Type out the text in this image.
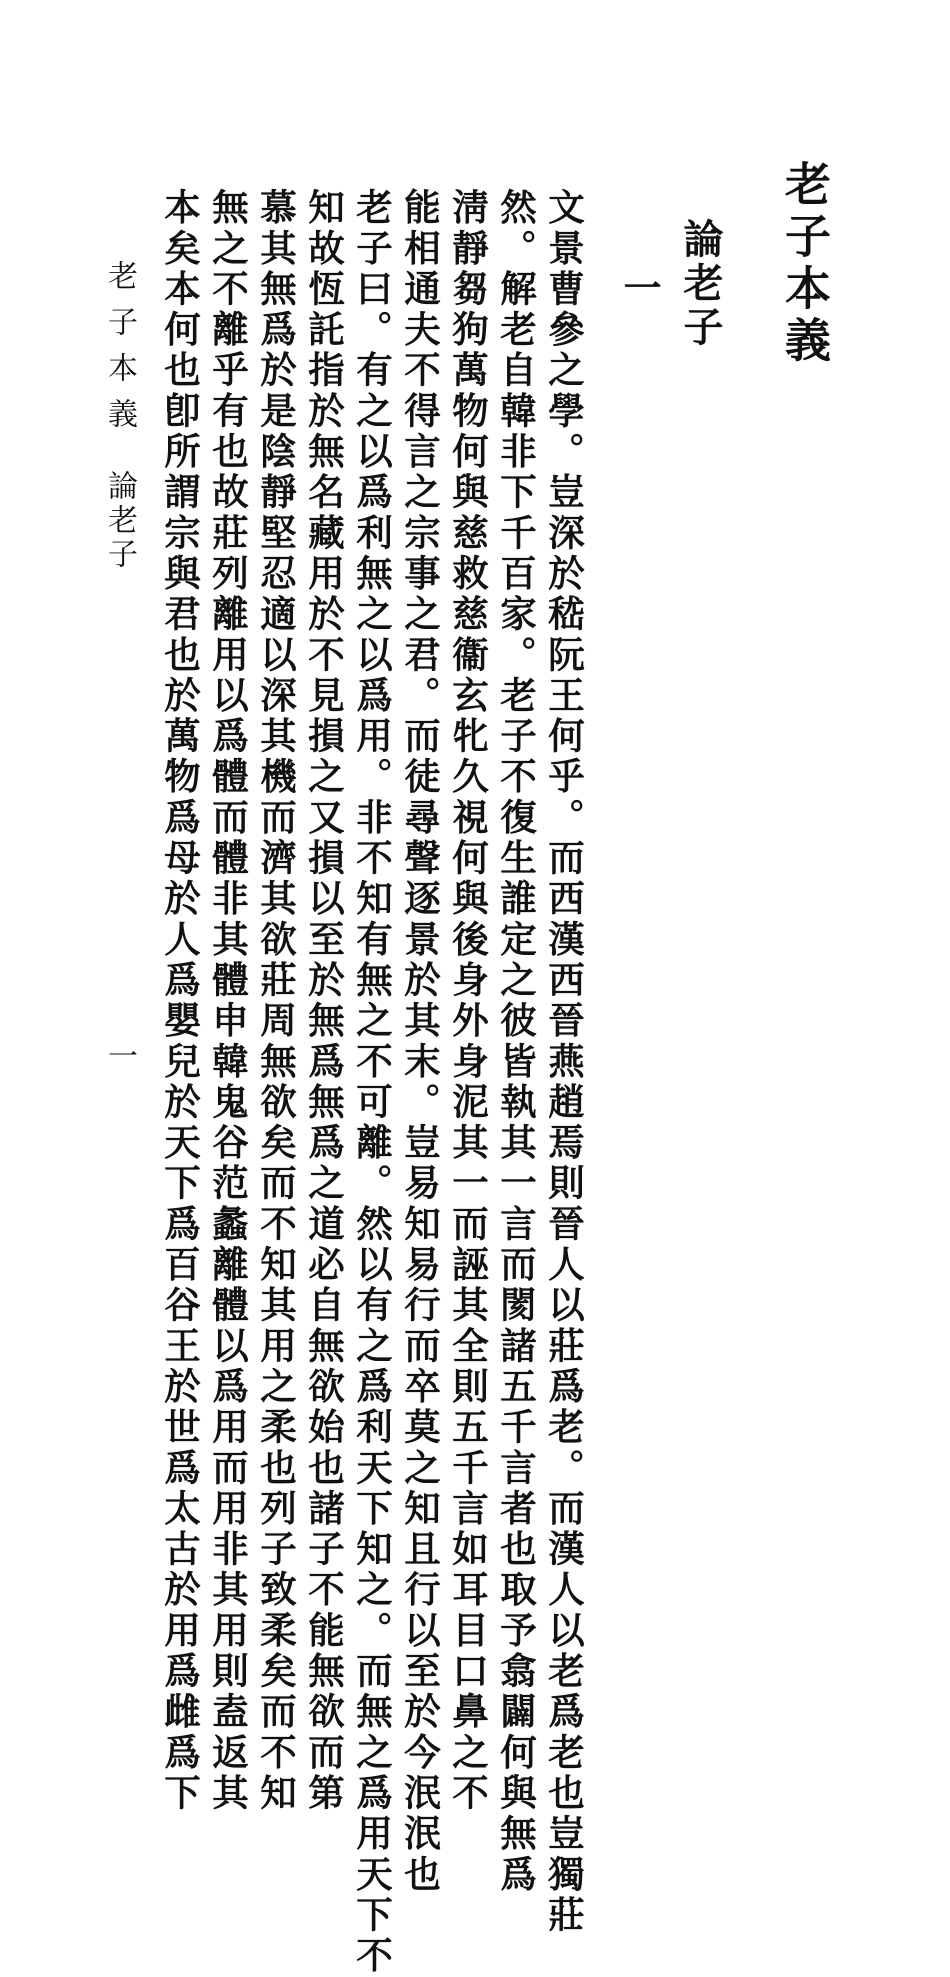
老子本義
論老子
一
文景曹參之學。豈深於嵇阮王何乎。而西漢西晉燕趙焉則晉人以莊爲老。而漢人以老爲老也豈獨莊
然。解老自韓非下千百家。老子不復生誰定之彼皆執其一言而閡諸五千言者也取予翕闢何與無爲
淸靜芻狗萬物何與慈救慈衞玄牝久視何與後身外身泥其一而誣其全則五千言如耳目口鼻之不
能相通夫不得言之宗事之君。而徒尋聲逐景於其末。豈易知易行而卒莫之知且行以至於今泯泯也
老子曰。有之以爲利無之以爲用。非不知有無之不可離。然以有之爲利天下知之。而無之爲用天下不
知故恆託指於無名藏用於不見損之又損以至於無爲無爲之道必自無欲始也諸子不能無欲而第
慕其無爲於是陰靜堅忍適以深其機而濟其欲莊周無欲矣而不知其用之柔也列子致柔矣而不知
無之不離乎有也故莊列離用以爲體而體非其體申韓鬼谷范蠡離體以爲用而用非其用則盍返其
本矣本何也卽所謂宗與君也於萬物爲母於人爲嬰兒於天下爲百谷王於世爲太古於用爲雌爲下
老子本義
論老子
一
